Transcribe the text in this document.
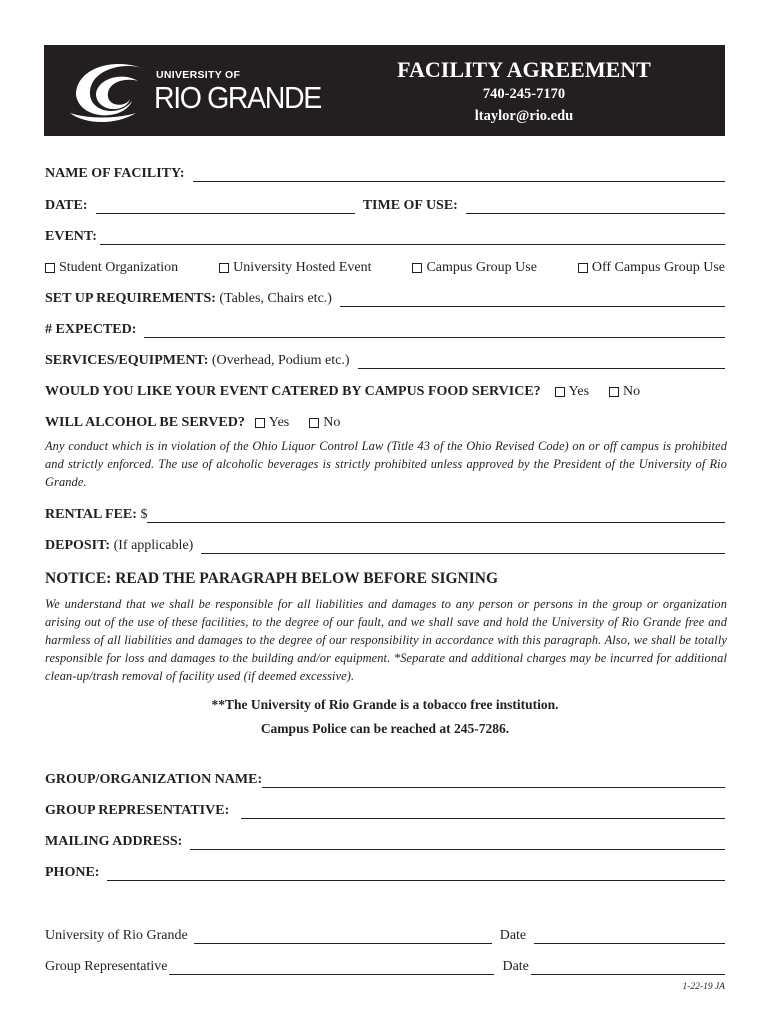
UNIVERSITY OF
RIO GRANDE
FACILITY AGREEMENT
740-245-7170
ltaylor@rio.edu
NAME OF FACILITY:
DATE:	TIME OF USE:
EVENT:
Student Organization	University Hosted Event	Campus Group Use	Off Campus Group Use
SET UP REQUIREMENTS:
(Tables, Chairs etc.)
# EXPECTED:
SERVICES/EQUIPMENT:
(Overhead, Podium etc.)
WOULD YOU LIKE YOUR EVENT CATERED BY CAMPUS FOOD SERVICE? Yes No
WILL ALCOHOL BE SERVED? Yes No
Any conduct which is in violation of the Ohio Liquor Control Law (Title 43 of the Ohio Revised Code) on or off campus is prohibited and strictly enforced. The use of alcoholic beverages is strictly prohibited unless approved by the President of the University of Rio Grande.
RENTAL FEE:
$
DEPOSIT:
(If applicable)
NOTICE: READ THE PARAGRAPH BELOW BEFORE SIGNING
We understand that we shall be responsible for all liabilities and damages to any person or persons in the group or organization arising out of the use of these facilities, to the degree of our fault, and we shall save and hold the University of Rio Grande free and harmless of all liabilities and damages to the degree of our responsibility in accordance with this paragraph. Also, we shall be totally responsible for loss and damages to the building and/or equipment. *Separate and additional charges may be incurred for additional clean-up/trash removal of facility used (if deemed excessive).
**The University of Rio Grande is a tobacco free institution.
Campus Police can be reached at 245-7286.
GROUP/ORGANIZATION NAME:
GROUP REPRESENTATIVE:
MAILING ADDRESS:
PHONE:
University of Rio Grande	Date
Group Representative	Date
1-22-19 JA
